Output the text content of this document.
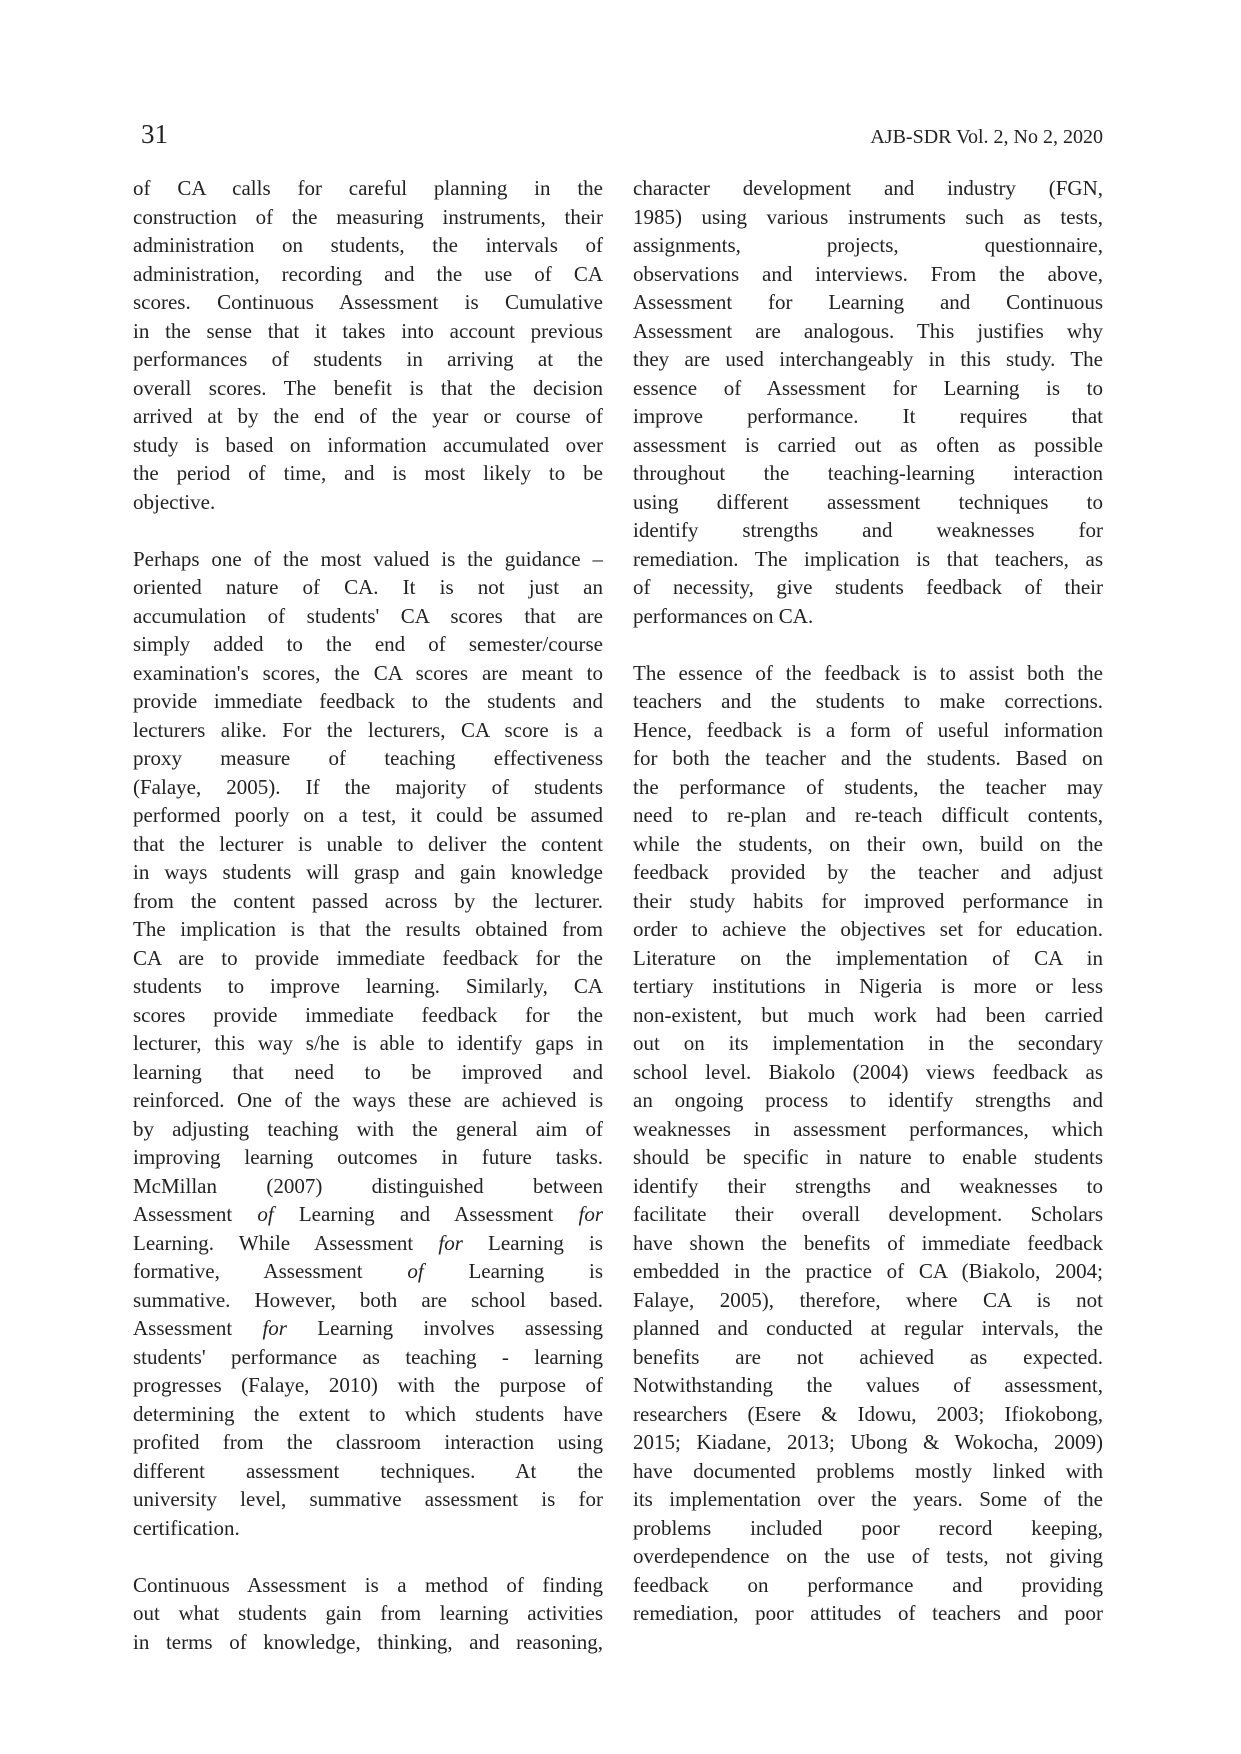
31	AJB-SDR Vol. 2, No 2, 2020
of CA calls for careful planning in the
construction of the measuring instruments, their
administration on students, the intervals of
administration, recording and the use of CA
scores. Continuous Assessment is Cumulative
in the sense that it takes into account previous
performances of students in arriving at the
overall scores. The benefit is that the decision
arrived at by the end of the year or course of
study is based on information accumulated over
the period of time, and is most likely to be
objective.
Perhaps one of the most valued is the guidance –
oriented nature of CA. It is not just an
accumulation of students' CA scores that are
simply added to the end of semester/course
examination's scores, the CA scores are meant to
provide immediate feedback to the students and
lecturers alike. For the lecturers, CA score is a
proxy measure of teaching effectiveness
(Falaye, 2005). If the majority of students
performed poorly on a test, it could be assumed
that the lecturer is unable to deliver the content
in ways students will grasp and gain knowledge
from the content passed across by the lecturer.
The implication is that the results obtained from
CA are to provide immediate feedback for the
students to improve learning. Similarly, CA
scores provide immediate feedback for the
lecturer, this way s/he is able to identify gaps in
learning that need to be improved and
reinforced. One of the ways these are achieved is
by adjusting teaching with the general aim of
improving learning outcomes in future tasks.
McMillan (2007) distinguished between
Assessment of Learning and Assessment for
Learning. While Assessment for Learning is
formative, Assessment of Learning is
summative. However, both are school based.
Assessment for Learning involves assessing
students' performance as teaching - learning
progresses (Falaye, 2010) with the purpose of
determining the extent to which students have
profited from the classroom interaction using
different assessment techniques. At the
university level, summative assessment is for
certification.
Continuous Assessment is a method of finding
out what students gain from learning activities
in terms of knowledge, thinking, and reasoning,
character development and industry (FGN,
1985) using various instruments such as tests,
assignments, projects, questionnaire,
observations and interviews. From the above,
Assessment for Learning and Continuous
Assessment are analogous. This justifies why
they are used interchangeably in this study. The
essence of Assessment for Learning is to
improve performance. It requires that
assessment is carried out as often as possible
throughout the teaching-learning interaction
using different assessment techniques to
identify strengths and weaknesses for
remediation. The implication is that teachers, as
of necessity, give students feedback of their
performances on CA.
The essence of the feedback is to assist both the
teachers and the students to make corrections.
Hence, feedback is a form of useful information
for both the teacher and the students. Based on
the performance of students, the teacher may
need to re-plan and re-teach difficult contents,
while the students, on their own, build on the
feedback provided by the teacher and adjust
their study habits for improved performance in
order to achieve the objectives set for education.
Literature on the implementation of CA in
tertiary institutions in Nigeria is more or less
non-existent, but much work had been carried
out on its implementation in the secondary
school level. Biakolo (2004) views feedback as
an ongoing process to identify strengths and
weaknesses in assessment performances, which
should be specific in nature to enable students
identify their strengths and weaknesses to
facilitate their overall development. Scholars
have shown the benefits of immediate feedback
embedded in the practice of CA (Biakolo, 2004;
Falaye, 2005), therefore, where CA is not
planned and conducted at regular intervals, the
benefits are not achieved as expected.
Notwithstanding the values of assessment,
researchers (Esere & Idowu, 2003; Ifiokobong,
2015; Kiadane, 2013; Ubong & Wokocha, 2009)
have documented problems mostly linked with
its implementation over the years. Some of the
problems included poor record keeping,
overdependence on the use of tests, not giving
feedback on performance and providing
remediation, poor attitudes of teachers and poor
